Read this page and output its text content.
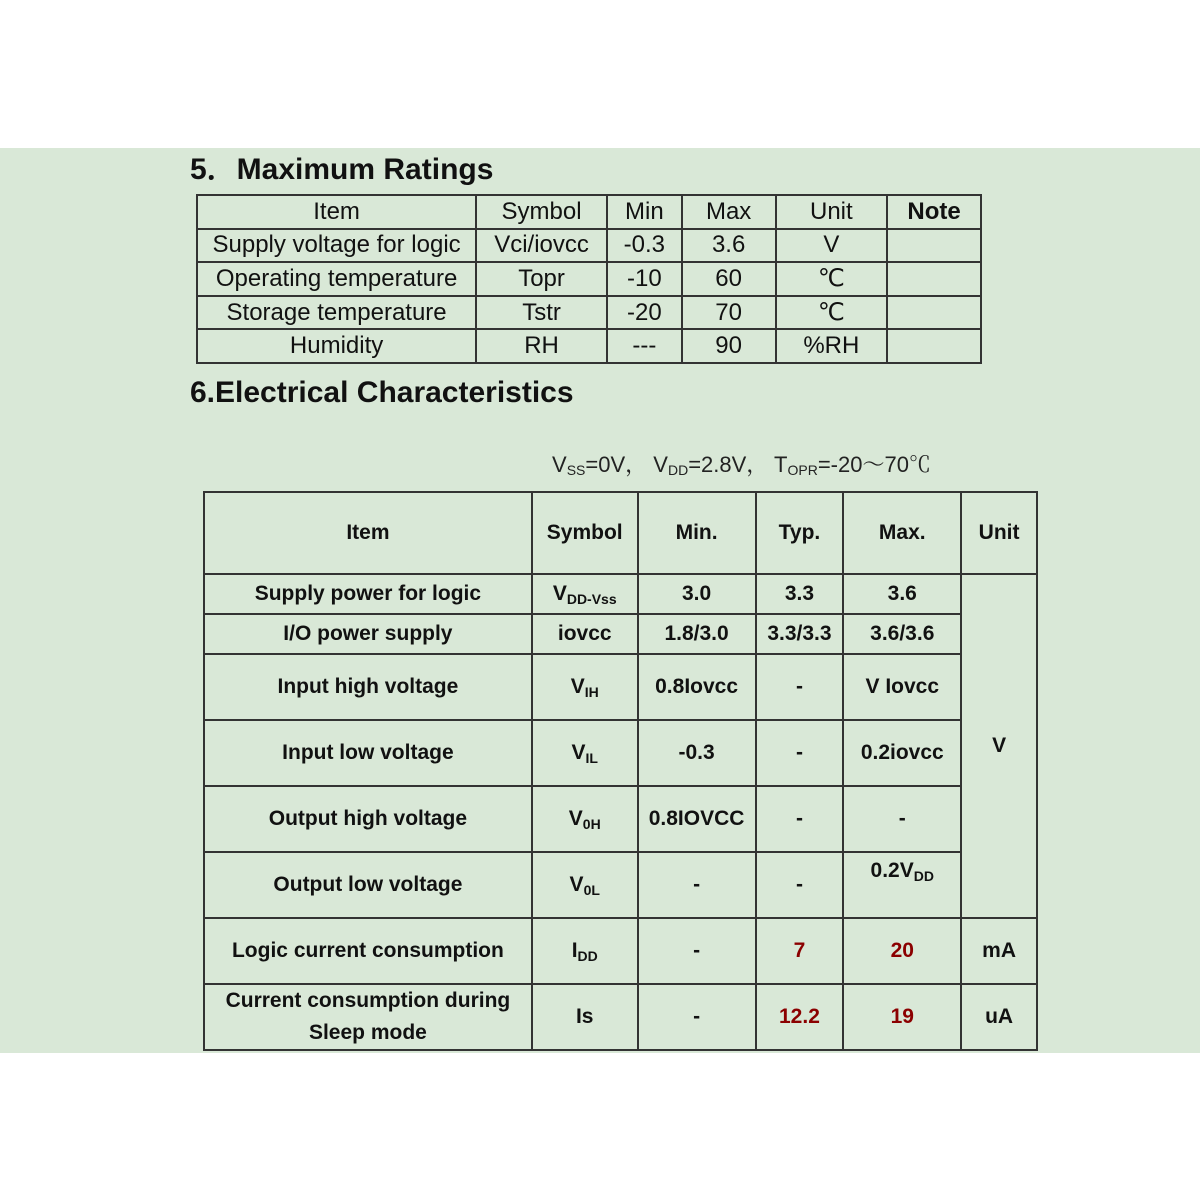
5．Maximum Ratings
Item	Symbol	Min	Max	Unit	Note
Supply voltage for logic	Vci/iovcc	-0.3	3.6	V	
Operating temperature	Topr	-10	60	℃	
Storage temperature	Tstr	-20	70	℃	
Humidity	RH	---	90	%RH	
6.Electrical Characteristics
$V_{SS}=0V$， $V_{DD}=2.8V$， $T_{OPR}=-20\sim 70℃$
Item	Symbol	Min.	Typ.	Max.	Unit
Supply power for logic	$V_{DD-Vss}$	3.0	3.3	3.6	V
I/O power supply	iovcc	1.8/3.0	3.3/3.3	3.6/3.6	
Input high voltage	$V_{IH}$	0.8Iovcc	-	V Iovcc	
Input low voltage	$V_{IL}$	-0.3	-	0.2iovcc	
Output high voltage	$V_{0H}$	0.8IOVCC	-	-	
Output low voltage	$V_{0L}$	-	-	$0.2V_{DD}$
Logic current consumption	$I_{DD}$	-	7	20	mA
Current consumption during
Sleep mode	Is	-	12.2	19	uA
